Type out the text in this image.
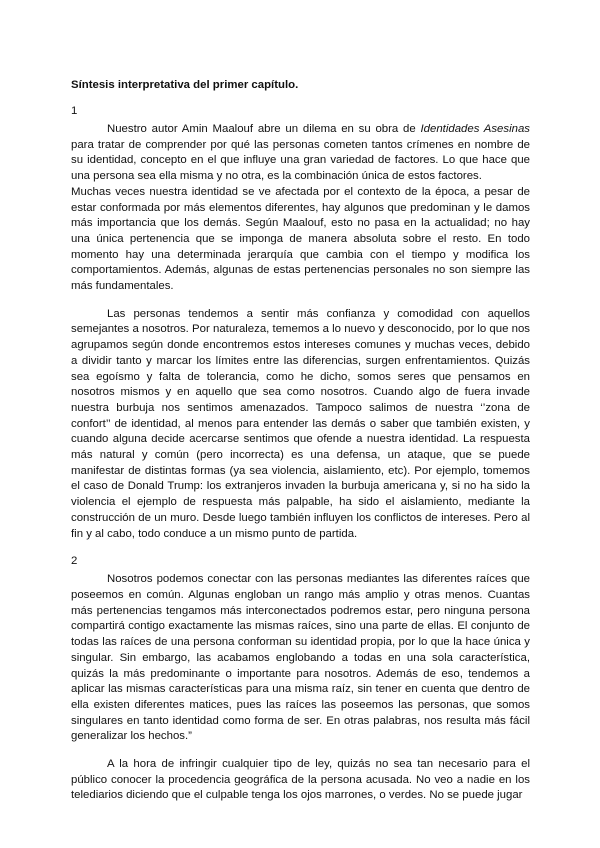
Síntesis interpretativa del primer capítulo.
1

Nuestro autor Amin Maalouf abre un dilema en su obra de Identidades Asesinas para tratar de comprender por qué las personas cometen tantos crímenes en nombre de su identidad, concepto en el que influye una gran variedad de factores. Lo que hace que una persona sea ella misma y no otra, es la combinación única de estos factores.

Muchas veces nuestra identidad se ve afectada por el contexto de la época, a pesar de estar conformada por más elementos diferentes, hay algunos que predominan y le damos más importancia que los demás. Según Maalouf, esto no pasa en la actualidad; no hay una única pertenencia que se imponga de manera absoluta sobre el resto. En todo momento hay una determinada jerarquía que cambia con el tiempo y modifica los comportamientos. Además, algunas de estas pertenencias personales no son siempre las más fundamentales.

Las personas tendemos a sentir más confianza y comodidad con aquellos semejantes a nosotros. Por naturaleza, tememos a lo nuevo y desconocido, por lo que nos agrupamos según donde encontremos estos intereses comunes y muchas veces, debido a dividir tanto y marcar los límites entre las diferencias, surgen enfrentamientos. Quizás sea egoísmo y falta de tolerancia, como he dicho, somos seres que pensamos en nosotros mismos y en aquello que sea como nosotros. Cuando algo de fuera invade nuestra burbuja nos sentimos amenazados. Tampoco salimos de nuestra ‘’zona de confort’’ de identidad, al menos para entender las demás o saber que también existen, y cuando alguna decide acercarse sentimos que ofende a nuestra identidad. La respuesta más natural y común (pero incorrecta) es una defensa, un ataque, que se puede manifestar de distintas formas (ya sea violencia, aislamiento, etc). Por ejemplo, tomemos el caso de Donald Trump: los extranjeros invaden la burbuja americana y, si no ha sido la violencia el ejemplo de respuesta más palpable, ha sido el aislamiento, mediante la construcción de un muro. Desde luego también influyen los conflictos de intereses. Pero al fin y al cabo, todo conduce a un mismo punto de partida.

2

Nosotros podemos conectar con las personas mediantes las diferentes raíces que poseemos en común. Algunas engloban un rango más amplio y otras menos. Cuantas más pertenencias tengamos más interconectados podremos estar, pero ninguna persona compartirá contigo exactamente las mismas raíces, sino una parte de ellas. El conjunto de todas las raíces de una persona conforman su identidad propia, por lo que la hace única y singular. Sin embargo, las acabamos englobando a todas en una sola característica, quizás la más predominante o importante para nosotros. Además de eso, tendemos a aplicar las mismas características para una misma raíz, sin tener en cuenta que dentro de ella existen diferentes matices, pues las raíces las poseemos las personas, que somos singulares en tanto identidad como forma de ser. En otras palabras, nos resulta más fácil generalizar los hechos.”

A la hora de infringir cualquier tipo de ley, quizás no sea tan necesario para el público conocer la procedencia geográfica de la persona acusada. No veo a nadie en los telediarios diciendo que el culpable tenga los ojos marrones, o verdes. No se puede jugar
